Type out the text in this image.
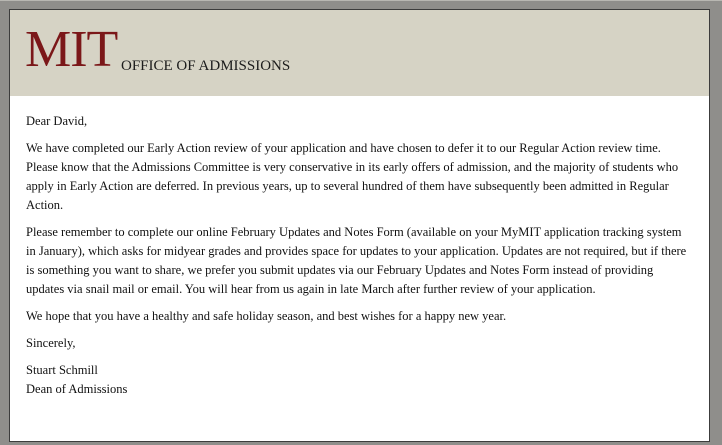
MIT OFFICE OF ADMISSIONS

Dear David,

We have completed our Early Action review of your application and have chosen to defer it to our Regular Action review time. Please know that the Admissions Committee is very conservative in its early offers of admission, and the majority of students who apply in Early Action are deferred. In previous years, up to several hundred of them have subsequently been admitted in Regular Action.

Please remember to complete our online February Updates and Notes Form (available on your MyMIT application tracking system in January), which asks for midyear grades and provides space for updates to your application. Updates are not required, but if there is something you want to share, we prefer you submit updates via our February Updates and Notes Form instead of providing updates via snail mail or email. You will hear from us again in late March after further review of your application.

We hope that you have a healthy and safe holiday season, and best wishes for a happy new year.

Sincerely,

Stuart Schmill
Dean of Admissions
